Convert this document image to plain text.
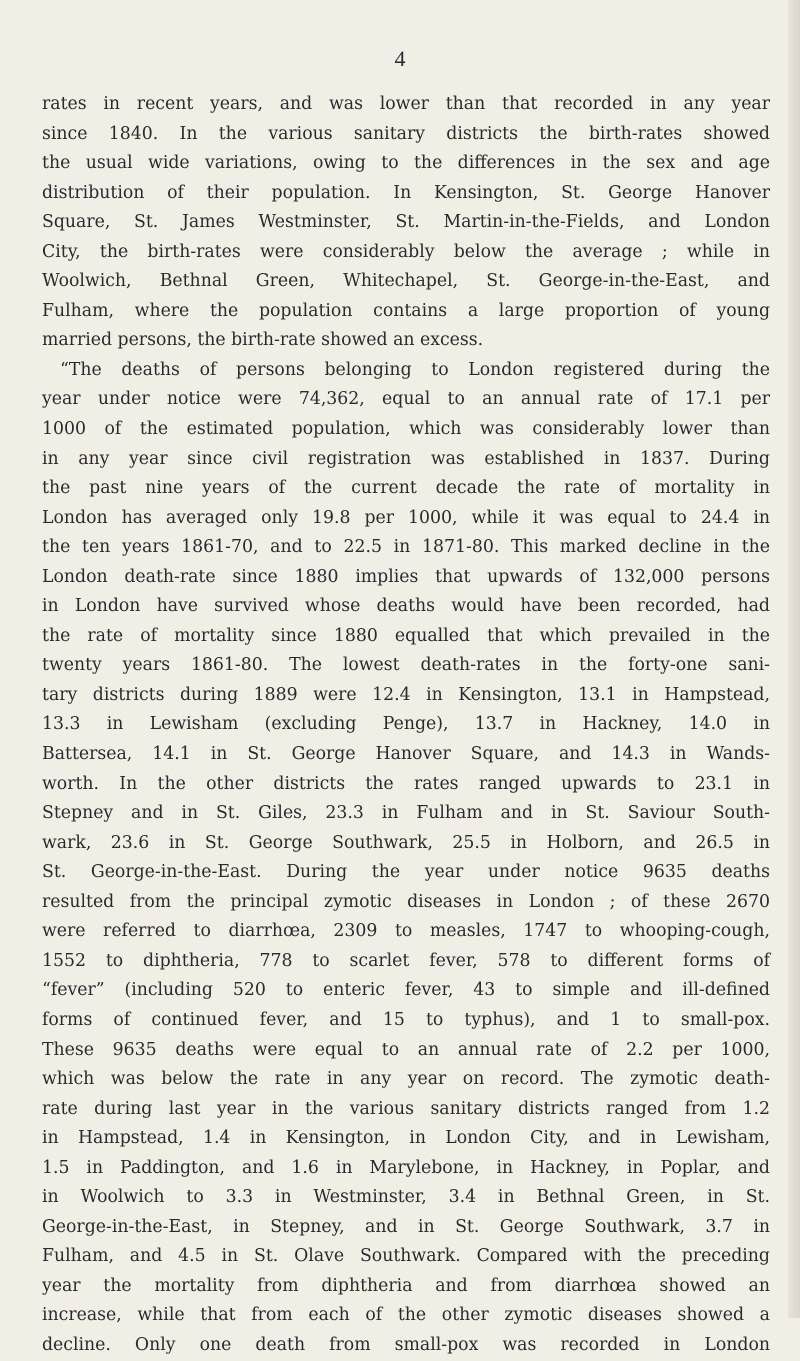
4
rates in recent years, and was lower than that recorded in any year
since 1840. In the various sanitary districts the birth-rates showed
the usual wide variations, owing to the differences in the sex and age
distribution of their population. In Kensington, St. George Hanover
Square, St. James Westminster, St. Martin-in-the-Fields, and London
City, the birth-rates were considerably below the average ; while in
Woolwich, Bethnal Green, Whitechapel, St. George-in-the-East, and
Fulham, where the population contains a large proportion of young
married persons, the birth-rate showed an excess.
“The deaths of persons belonging to London registered during the
year under notice were 74,362, equal to an annual rate of 17.1 per
1000 of the estimated population, which was considerably lower than
in any year since civil registration was established in 1837. During
the past nine years of the current decade the rate of mortality in
London has averaged only 19.8 per 1000, while it was equal to 24.4 in
the ten years 1861-70, and to 22.5 in 1871-80. This marked decline in the
London death-rate since 1880 implies that upwards of 132,000 persons
in London have survived whose deaths would have been recorded, had
the rate of mortality since 1880 equalled that which prevailed in the
twenty years 1861-80. The lowest death-rates in the forty-one sani-
tary districts during 1889 were 12.4 in Kensington, 13.1 in Hampstead,
13.3 in Lewisham (excluding Penge), 13.7 in Hackney, 14.0 in
Battersea, 14.1 in St. George Hanover Square, and 14.3 in Wands-
worth. In the other districts the rates ranged upwards to 23.1 in
Stepney and in St. Giles, 23.3 in Fulham and in St. Saviour South-
wark, 23.6 in St. George Southwark, 25.5 in Holborn, and 26.5 in
St. George-in-the-East. During the year under notice 9635 deaths
resulted from the principal zymotic diseases in London ; of these 2670
were referred to diarrhœa, 2309 to measles, 1747 to whooping-cough,
1552 to diphtheria, 778 to scarlet fever, 578 to different forms of
“fever” (including 520 to enteric fever, 43 to simple and ill-defined
forms of continued fever, and 15 to typhus), and 1 to small-pox.
These 9635 deaths were equal to an annual rate of 2.2 per 1000,
which was below the rate in any year on record. The zymotic death-
rate during last year in the various sanitary districts ranged from 1.2
in Hampstead, 1.4 in Kensington, in London City, and in Lewisham,
1.5 in Paddington, and 1.6 in Marylebone, in Hackney, in Poplar, and
in Woolwich to 3.3 in Westminster, 3.4 in Bethnal Green, in St.
George-in-the-East, in Stepney, and in St. George Southwark, 3.7 in
Fulham, and 4.5 in St. Olave Southwark. Compared with the preceding
year the mortality from diphtheria and from diarrhœa showed an
increase, while that from each of the other zymotic diseases showed a
decline. Only one death from small-pox was recorded in London
